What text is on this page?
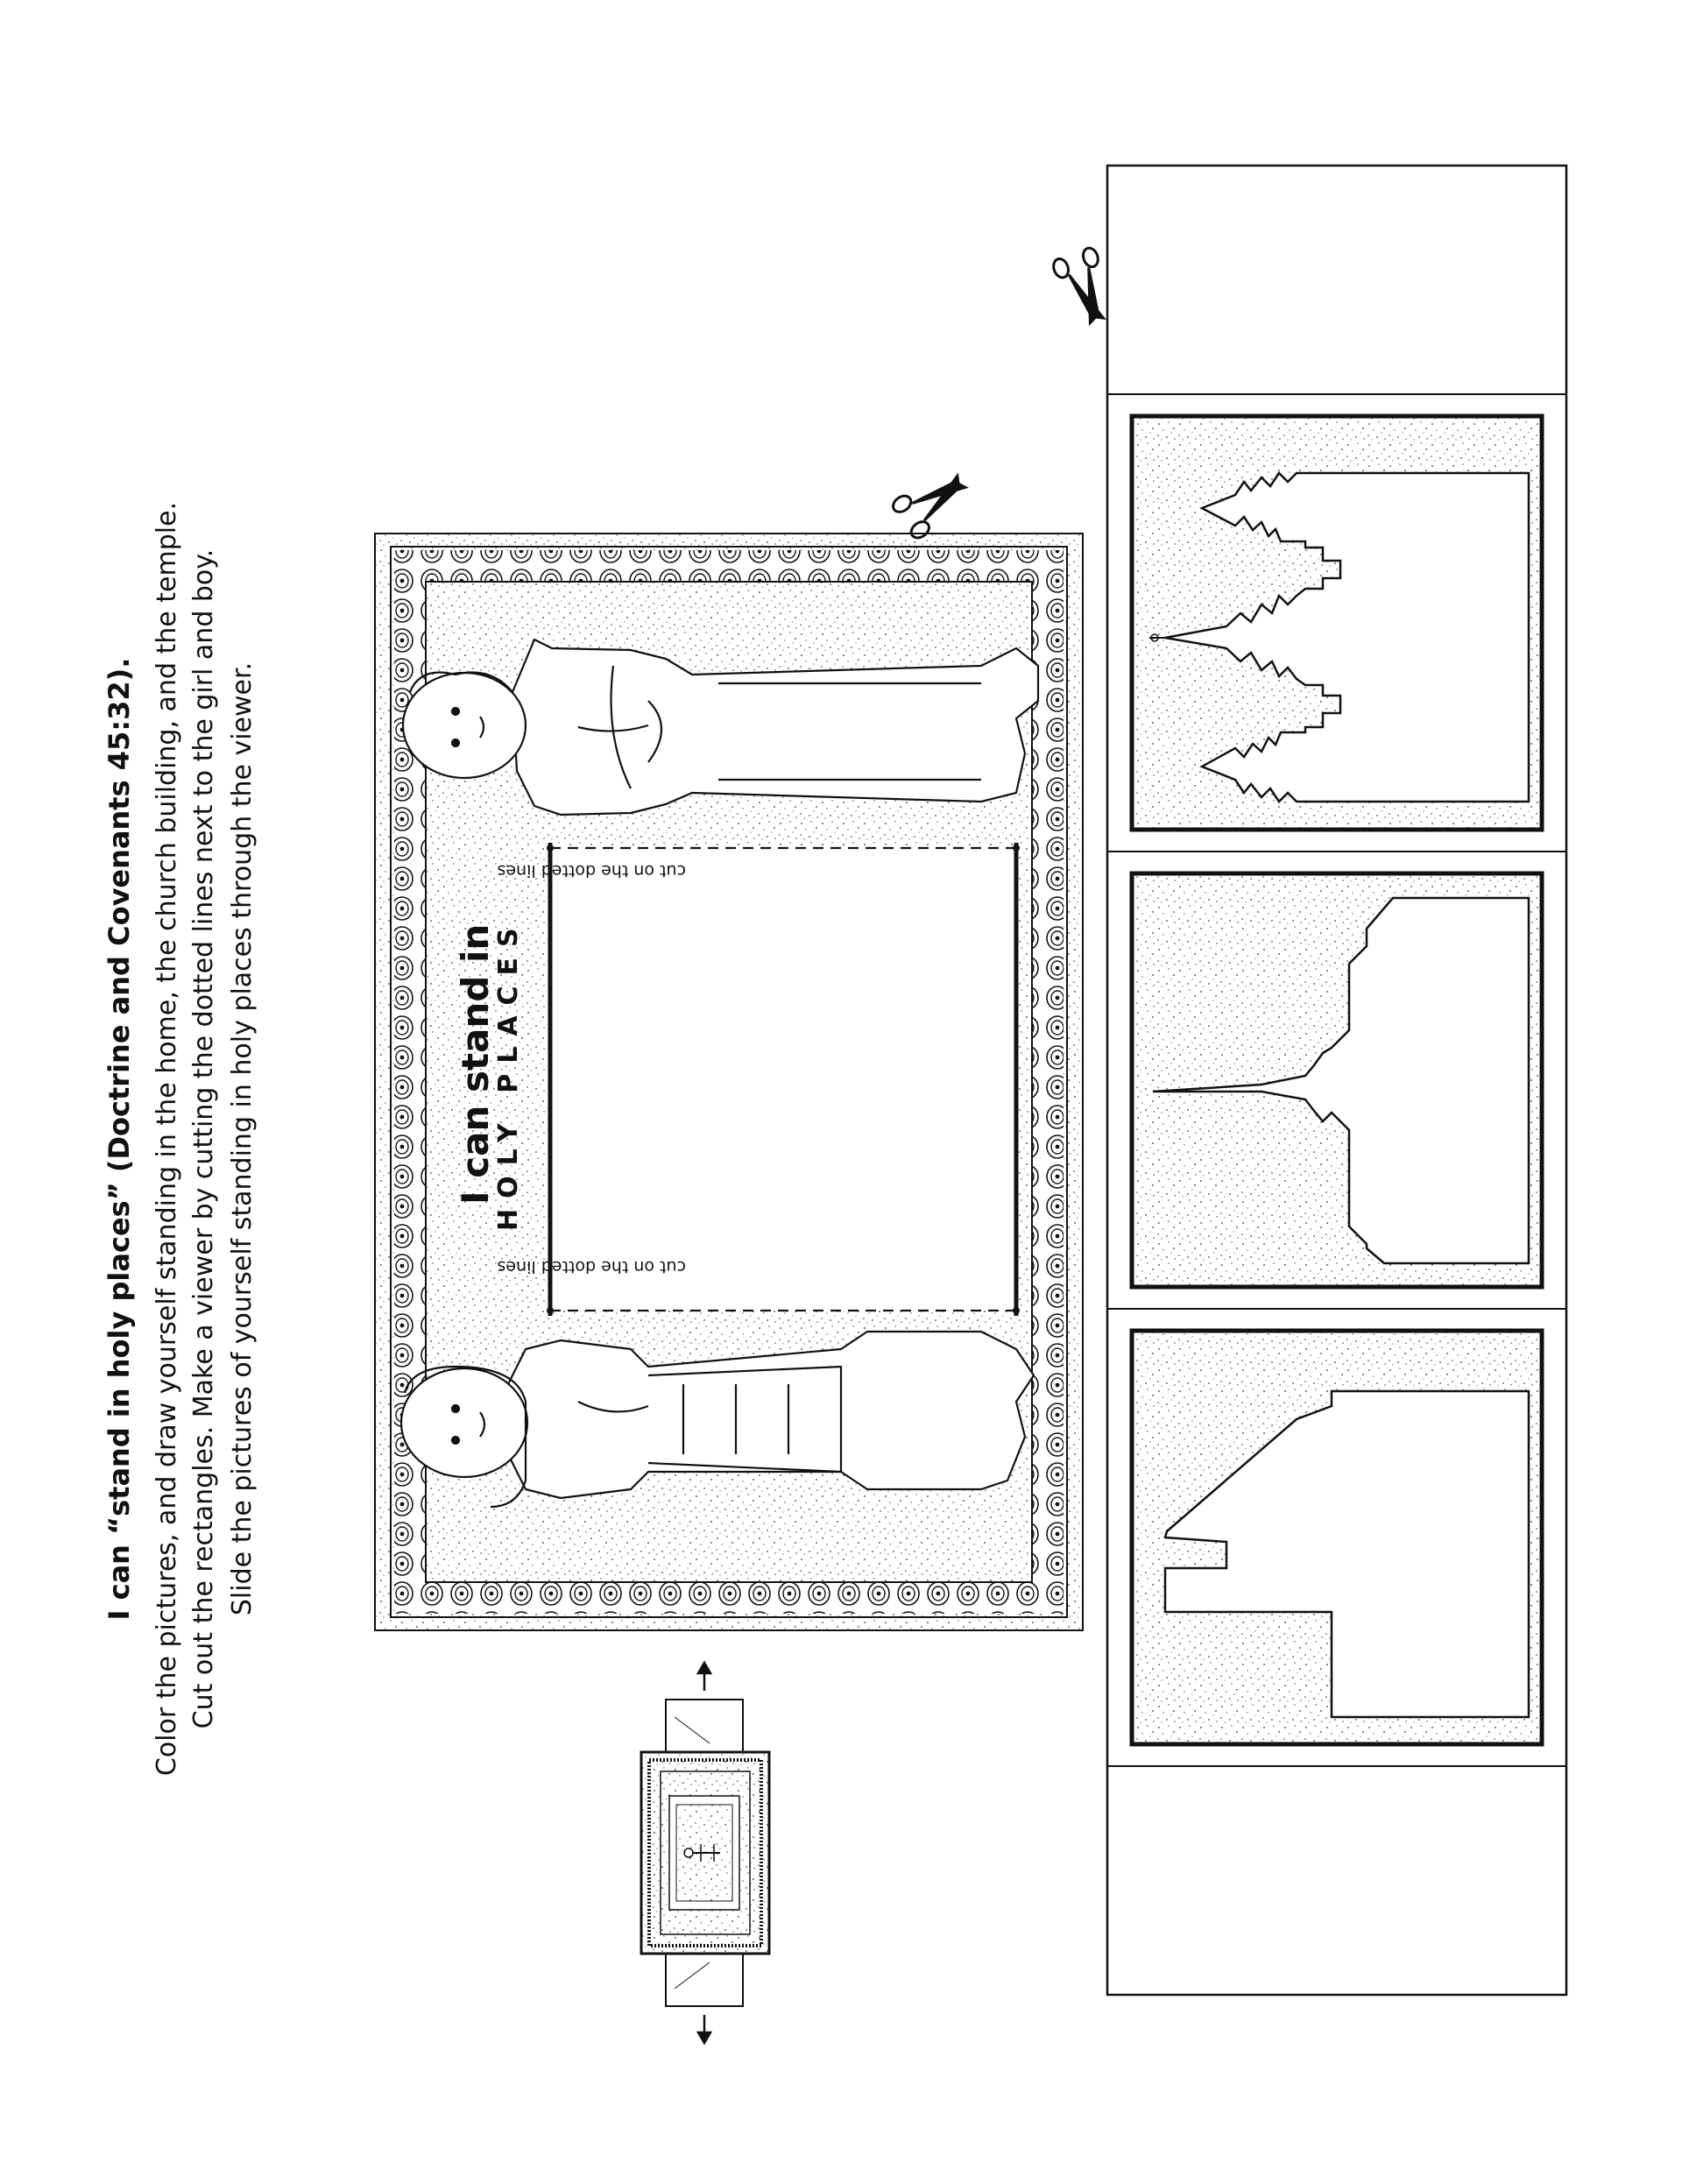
I can “stand in holy places” (Doctrine and Covenants 45:32). Color the pictures, and draw yourself standing in the home, the church building, and the temple. Cut out the rectangles. Make a viewer by cutting the dotted lines next to the girl and boy. Slide the pictures of yourself standing in holy places through the viewer.	I can stand in
HOLY PLACES
cut on the dotted lines
cut on the dotted lines
